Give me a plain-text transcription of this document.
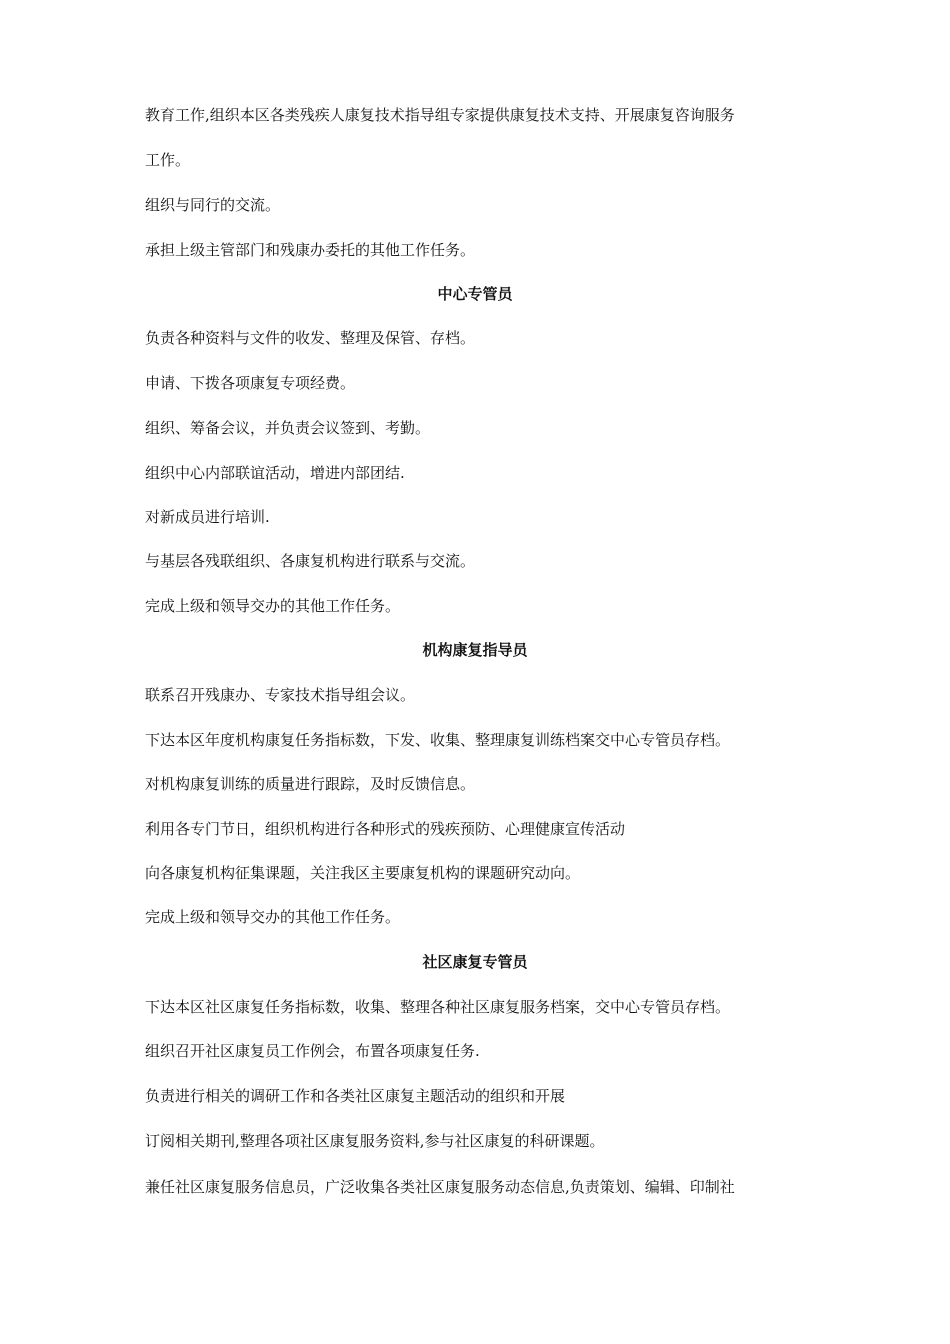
教育工作,组织本区各类残疾人康复技术指导组专家提供康复技术支持、开展康复咨询服务
工作。
组织与同行的交流。
承担上级主管部门和残康办委托的其他工作任务。
中心专管员
负责各种资料与文件的收发、整理及保管、存档。
申请、下拨各项康复专项经费。
组织、筹备会议，并负责会议签到、考勤。
组织中心内部联谊活动，增进内部团结.
对新成员进行培训.
与基层各残联组织、各康复机构进行联系与交流。
完成上级和领导交办的其他工作任务。
机构康复指导员
联系召开残康办、专家技术指导组会议。
下达本区年度机构康复任务指标数，下发、收集、整理康复训练档案交中心专管员存档。
对机构康复训练的质量进行跟踪，及时反馈信息。
利用各专门节日，组织机构进行各种形式的残疾预防、心理健康宣传活动
向各康复机构征集课题，关注我区主要康复机构的课题研究动向。
完成上级和领导交办的其他工作任务。
社区康复专管员
下达本区社区康复任务指标数，收集、整理各种社区康复服务档案，交中心专管员存档。
组织召开社区康复员工作例会，布置各项康复任务.
负责进行相关的调研工作和各类社区康复主题活动的组织和开展
订阅相关期刊,整理各项社区康复服务资料,参与社区康复的科研课题。
兼任社区康复服务信息员，广泛收集各类社区康复服务动态信息,负责策划、编辑、印制社
